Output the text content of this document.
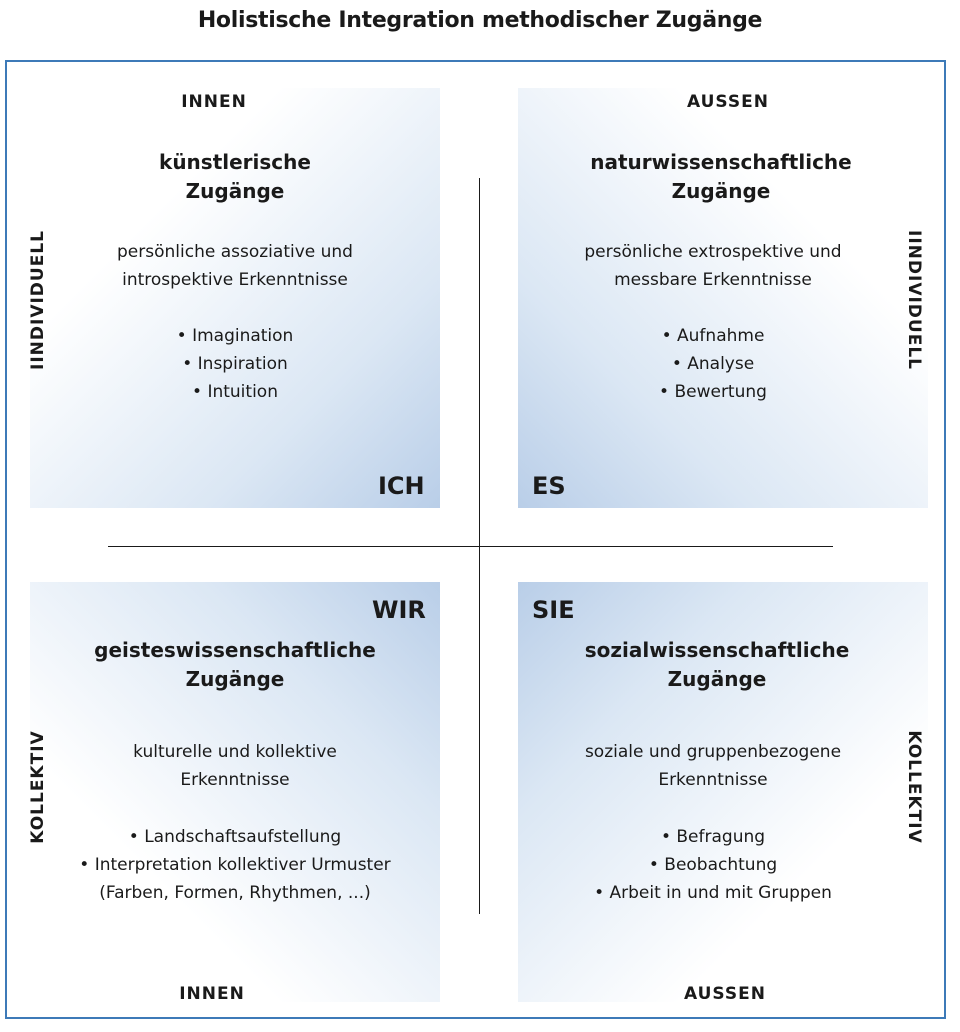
Holistische Integration methodischer Zugänge
INNEN	AUSSEN
INNEN	AUSSEN
IINDIVIDUELL	IINDIVIDUELL
KOLLEKTIV	KOLLEKTIV
künstlerische
Zugänge
persönliche assoziative und
introspektive Erkenntnisse
• Imagination
• Inspiration
• Intuition
ICH
naturwissenschaftliche
Zugänge
persönliche extrospektive und
messbare Erkenntnisse
• Aufnahme
• Analyse
• Bewertung
ES
WIR
geisteswissenschaftliche
Zugänge
kulturelle und kollektive
Erkenntnisse
• Landschaftsaufstellung
• Interpretation kollektiver Urmuster
(Farben, Formen, Rhythmen, ...)
SIE
sozialwissenschaftliche
Zugänge
soziale und gruppenbezogene
Erkenntnisse
• Befragung
• Beobachtung
• Arbeit in und mit Gruppen
